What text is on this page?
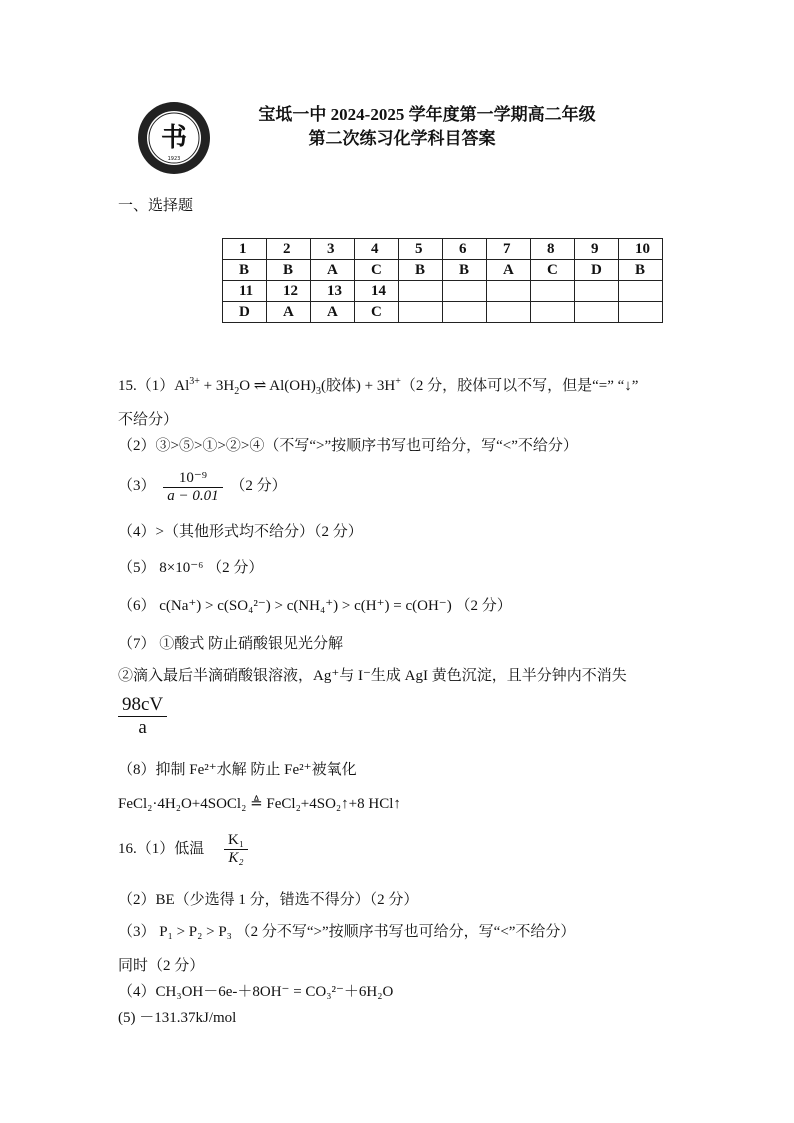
书
1923
宝坻一中 2024-2025 学年度第一学期高二年级
第二次练习化学科目答案
一、选择题
1	2	3	4	5	6	7	8	9	10
B	B	A	C	B	B	A	C	D	B
11	12	13	14						
D	A	A	C						
$15.(1)Al^{3+} + 3H_2O$ ⇌ $Al(OH)_3$(胶体) + 3H+（2 分，胶体可以不写，但是“=” “↓”
不给分）
（2）③>⑤>①>②>④（不写“>”按顺序书写也可给分，写“<”不给分）
$(3) \frac{\text{10⁻⁹}}{a - 0.01} (2$ 分）
（4）>（其他形式均不给分）（2 分）
（5） 8×10⁻⁶ （2 分）
（6） c(Na⁺) > c(SO₄²⁻) > c(NH₄⁺) > c(H⁺) = c(OH⁻) （2 分）
（7） ①酸式 防止硝酸银见光分解
②滴入最后半滴硝酸银溶液，Ag⁺与 I⁻生成 AgI 黄色沉淀，且半分钟内不消失
$\frac{98cV}{a}$
（8）抑制 Fe²⁺水解 防止 Fe²⁺被氧化
FeCl₂·4H₂O+4SOCl₂ ≜ FeCl₂+4SO₂↑+8 HCl↑
16.（1）低温 $\frac{\text{K₁}}{\text{K₂}}$
（2）BE（少选得 1 分，错选不得分）（2 分）
（3） P₁ > P₂ > P₃ （2 分不写“>”按顺序书写也可给分，写“<”不给分）
同时（2 分）
（4）CH₃OH－6e-＋8OH⁻ = CO₃²⁻＋6H₂O
(5) －131.37kJ/mol
